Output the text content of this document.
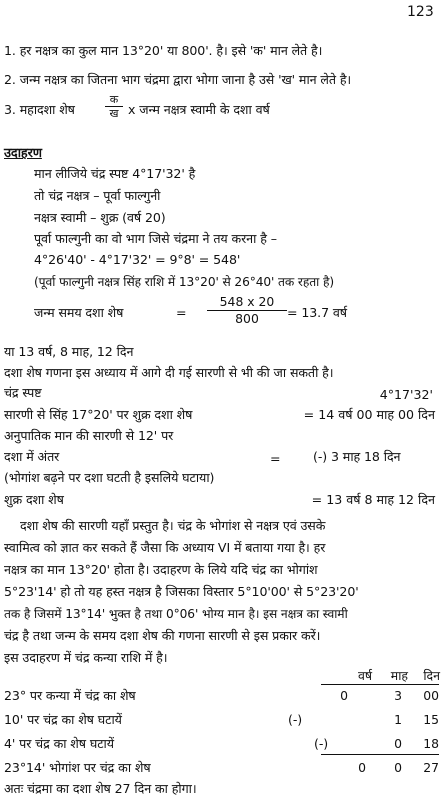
123
1. हर नक्षत्र का कुल मान 13°20' या 800'. है। इसे 'क' मान लेते है।
2. जन्म नक्षत्र का जितना भाग चंद्रमा द्वारा भोगा जाना है उसे 'ख' मान लेते है।
3. महादशा शेष
क
ख x जन्म नक्षत्र स्वामी के दशा वर्ष
उदाहरण
मान लीजिये चंद्र स्पष्ट 4°17'32' है
तो चंद्र नक्षत्र – पूर्वा फाल्गुनी
नक्षत्र स्वामी – शुक्र (वर्ष 20)
पूर्वा फाल्गुनी का वो भाग जिसे चंद्रमा ने तय करना है –
4°26'40' - 4°17'32' = 9°8' = 548'
(पूर्वा फाल्गुनी नक्षत्र सिंह राशि में 13°20' से 26°40' तक रहता है)
जन्म समय दशा शेष	=
548 x 20
800 = 13.7 वर्ष
या 13 वर्ष, 8 माह, 12 दिन
दशा शेष गणना इस अध्याय में आगे दी गई सारणी से भी की जा सकती है।
चंद्र स्पष्ट	4°17'32'
सारणी से सिंह 17°20' पर शुक्र दशा शेष	= 14 वर्ष 00 माह 00 दिन
अनुपातिक मान की सारणी से 12' पर
दशा में अंतर	=	(-) 3 माह 18 दिन
(भोगांश बढ़ने पर दशा घटती है इसलिये घटाया)
शुक्र दशा शेष	= 13 वर्ष 8 माह 12 दिन
दशा शेष की सारणी यहाँ प्रस्तुत है। चंद्र के भोगांश से नक्षत्र एवं उसके
स्वामित्व को ज्ञात कर सकते हैं जैसा कि अध्याय VI में बताया गया है। हर
नक्षत्र का मान 13°20' होता है। उदाहरण के लिये यदि चंद्र का भोगांश
5°23'14' हो तो यह हस्त नक्षत्र है जिसका विस्तार 5°10'00' से 5°23'20'
तक है जिसमें 13°14' भुक्त है तथा 0°06' भोग्य मान है। इस नक्षत्र का स्वामी
चंद्र है तथा जन्म के समय दशा शेष की गणना सारणी से इस प्रकार करें।
इस उदाहरण में चंद्र कन्या राशि में है।
वर्ष	माह	दिन
23° पर कन्या में चंद्र का शेष	0	3	00
10' पर चंद्र का शेष घटायें	(-)	1	15
4' पर चंद्र का शेष घटायें	(-)	0	18
23°14' भोगांश पर चंद्र का शेष	0	0	27
अतः चंद्रमा का दशा शेष 27 दिन का होगा।
